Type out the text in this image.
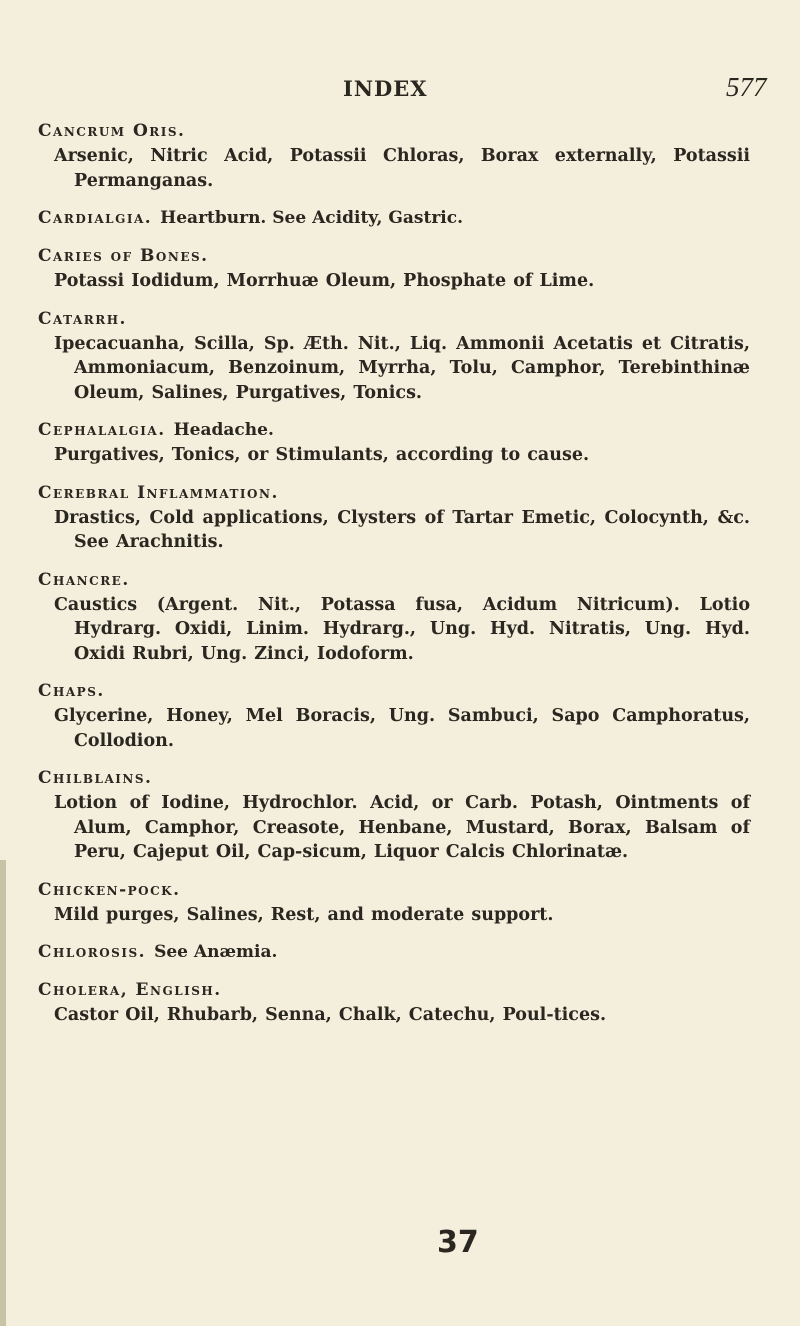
INDEX	577
Cancrum Oris.
Arsenic, Nitric Acid, Potassii Chloras, Borax externally, Potassii Permanganas.
Cardialgia. Heartburn. See Acidity, Gastric.
Caries of Bones.
Potassi Iodidum, Morrhuæ Oleum, Phosphate of Lime.
Catarrh.
Ipecacuanha, Scilla, Sp. Æth. Nit., Liq. Ammonii Acetatis et Citratis, Ammoniacum, Benzoinum, Myrrha, Tolu, Camphor, Terebinthinæ Oleum, Salines, Purgatives, Tonics.
Cephalalgia. Headache.
Purgatives, Tonics, or Stimulants, according to cause.
Cerebral Inflammation.
Drastics, Cold applications, Clysters of Tartar Emetic, Colocynth, &c. See Arachnitis.
Chancre.
Caustics (Argent. Nit., Potassa fusa, Acidum Nitricum). Lotio Hydrarg. Oxidi, Linim. Hydrarg., Ung. Hyd. Nitratis, Ung. Hyd. Oxidi Rubri, Ung. Zinci, Iodoform.
Chaps.
Glycerine, Honey, Mel Boracis, Ung. Sambuci, Sapo Camphoratus, Collodion.
Chilblains.
Lotion of Iodine, Hydrochlor. Acid, or Carb. Potash, Ointments of Alum, Camphor, Creasote, Henbane, Mustard, Borax, Balsam of Peru, Cajeput Oil, Cap-sicum, Liquor Calcis Chlorinatæ.
Chicken-pock.
Mild purges, Salines, Rest, and moderate support.
Chlorosis. See Anæmia.
Cholera, English.
Castor Oil, Rhubarb, Senna, Chalk, Catechu, Poul-tices.
37
